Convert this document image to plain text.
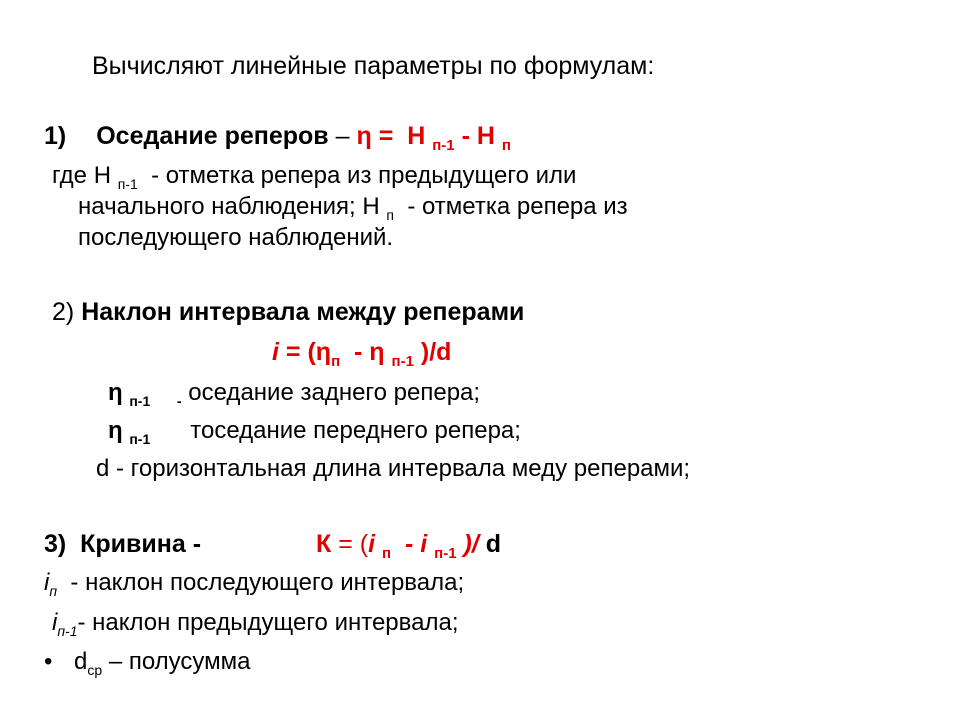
Вычисляют линейные параметры по формулам:
1) Оседание реперов – η = Н $_{п-1}$ - Н $_п$
где Н $_{п-1}$ - отметка репера из предыдущего или
начального наблюдения; Н $_п$ - отметка репера из
последующего наблюдений.
2) Наклон интервала между реперами
$i = (\eta_п - \eta$ $_{п-1}$ )/d
η $_{п-1}$ $_-$ оседание заднего репера;
η $_{п-1}$ тоседание переднего репера;
d - горизонтальная длина интервала меду реперами;
3) Кривина -	К = (i $_п$ - i $_{п-1}$ )/ d
$i_п$ - наклон последующего интервала;
$i_{п-1}-$ наклон предыдущего интервала;
• $d_{ср}$ – полусумма
